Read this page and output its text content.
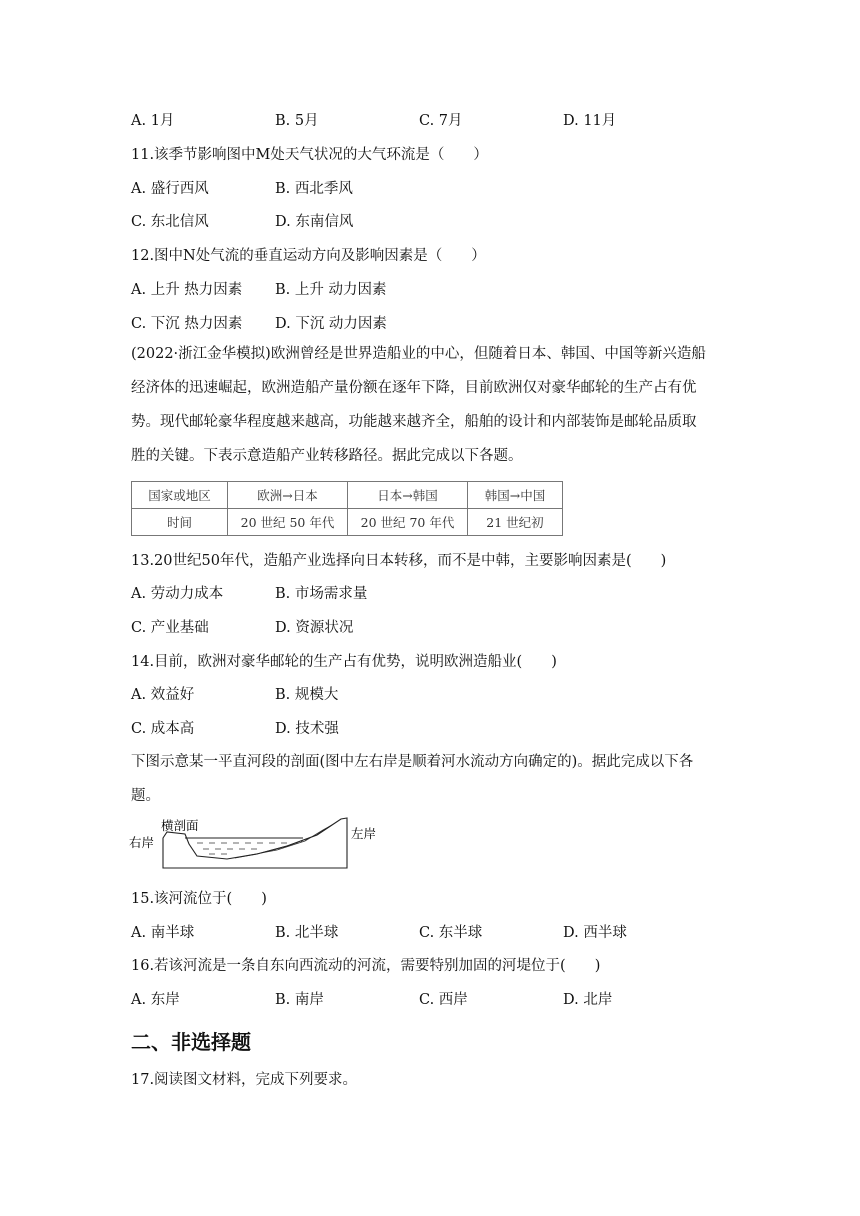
A. 1月	B. 5月	C. 7月	D. 11月
11.该季节影响图中M处天气状况的大气环流是（　　）
A. 盛行西风	B. 西北季风
C. 东北信风	D. 东南信风
12.图中N处气流的垂直运动方向及影响因素是（　　）
A. 上升 热力因素 B. 上升 动力因素
C. 下沉 热力因素 D. 下沉 动力因素
(2022·浙江金华模拟)欧洲曾经是世界造船业的中心，但随着日本、韩国、中国等新兴造船
经济体的迅速崛起，欧洲造船产量份额在逐年下降，目前欧洲仅对豪华邮轮的生产占有优
势。现代邮轮豪华程度越来越高，功能越来越齐全，船舶的设计和内部装饰是邮轮品质取
胜的关键。下表示意造船产业转移路径。据此完成以下各题。
国家或地区	欧洲→日本	日本→韩国	韩国→中国
时间	20 世纪 50 年代	20 世纪 70 年代	21 世纪初
13.20世纪50年代，造船产业选择向日本转移，而不是中韩，主要影响因素是(　　)
A. 劳动力成本	B. 市场需求量
C. 产业基础	D. 资源状况
14.目前，欧洲对豪华邮轮的生产占有优势，说明欧洲造船业(　　)
A. 效益好	B. 规模大
C. 成本高	D. 技术强
下图示意某一平直河段的剖面(图中左右岸是顺着河水流动方向确定的)。据此完成以下各
题。
横剖面
右岸
左岸
15.该河流位于(　　)
A. 南半球	B. 北半球	C. 东半球	D. 西半球
16.若该河流是一条自东向西流动的河流，需要特别加固的河堤位于(　　)
A. 东岸	B. 南岸	C. 西岸	D. 北岸
二、非选择题
17.阅读图文材料，完成下列要求。
